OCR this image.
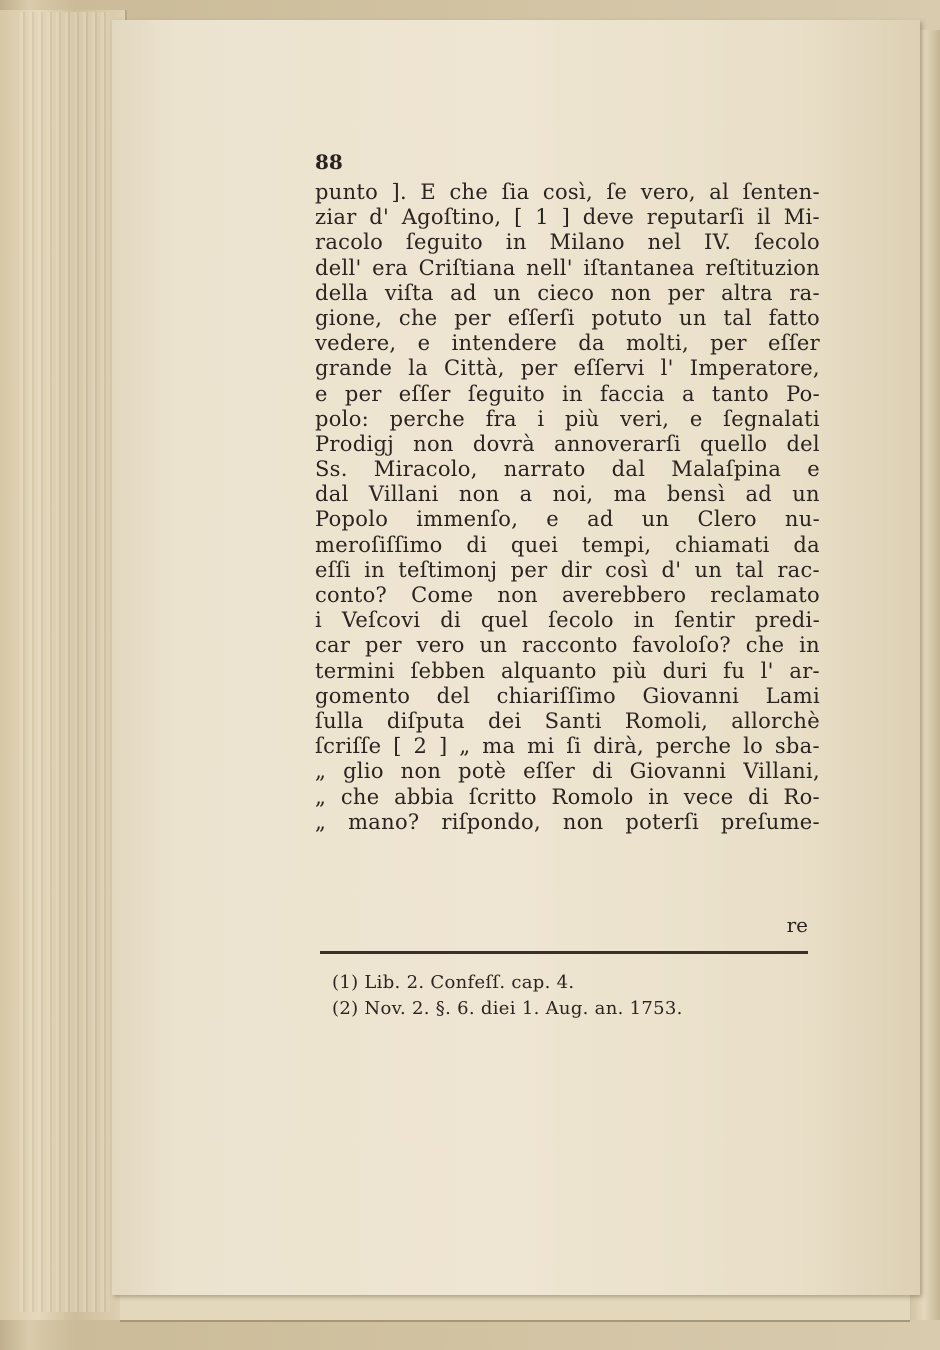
88
punto ]. E che ſia così, ſe vero, al ſenten-
ziar d' Agoſtino, [ 1 ] deve reputarſi il Mi-
racolo ſeguito in Milano nel IV. ſecolo
dell' era Criſtiana nell' iſtantanea reſtituzion
della viſta ad un cieco non per altra ra-
gione, che per eſſerſi potuto un tal fatto
vedere, e intendere da molti, per eſſer
grande la Città, per eſſervi l' Imperatore,
e per eſſer ſeguito in faccia a tanto Po-
polo: perche fra i più veri, e ſegnalati
Prodigj non dovrà annoverarſi quello del
Ss. Miracolo, narrato dal Malaſpina e
dal Villani non a noi, ma bensì ad un
Popolo immenſo, e ad un Clero nu-
meroſiſſimo di quei tempi, chiamati da
eſſi in teſtimonj per dir così d' un tal rac-
conto? Come non averebbero reclamato
i Veſcovi di quel ſecolo in ſentir predi-
car per vero un racconto favoloſo? che in
termini ſebben alquanto più duri fu l' ar-
gomento del chiariſſimo Giovanni Lami
ſulla diſputa dei Santi Romoli, allorchè
ſcriſſe [ 2 ] „ ma mi ſi dirà, perche lo sba-
„ glio non potè eſſer di Giovanni Villani,
„ che abbia ſcritto Romolo in vece di Ro-
„ mano? riſpondo, non poterſi preſume-
re
(1) Lib. 2. Confeſſ. cap. 4.
(2) Nov. 2. §. 6. diei 1. Aug. an. 1753.
